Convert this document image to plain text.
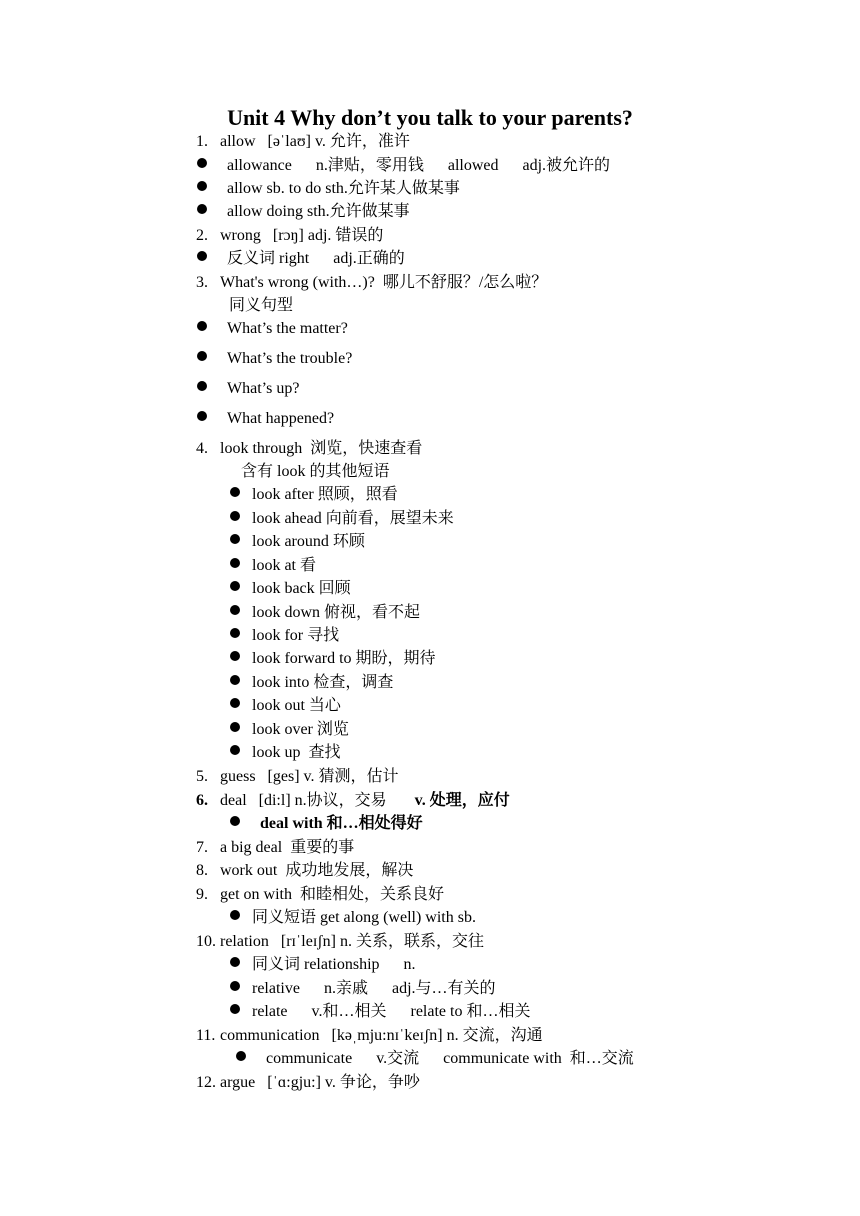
Unit 4 Why don’t you talk to your parents?
1. allow   [əˈlaʊ] v. 允许，准许
allowance      n.津贴，零用钱      allowed      adj.被允许的
allow sb. to do sth.允许某人做某事
allow doing sth.允许做某事
2. wrong   [rɔŋ] adj. 错误的
反义词 right      adj.正确的
3. What's wrong (with…)?  哪儿不舒服？/怎么啦？
同义句型
What’s the matter?
What’s the trouble?
What’s up?
What happened?
4. look through  浏览，快速查看
含有 look 的其他短语
look after 照顾，照看
look ahead 向前看，展望未来
look around 环顾
look at 看
look back 回顾
look down 俯视，看不起
look for 寻找
look forward to 期盼，期待
look into 检查，调查
look out 当心
look over 浏览
look up  查找
5. guess   [ges] v. 猜测，估计
6. deal   [di:l] n.协议，交易 v. 处理，应付
deal with 和…相处得好
7. a big deal  重要的事
8. work out  成功地发展，解决
9. get on with  和睦相处，关系良好
同义短语 get along (well) with sb.
10. relation   [rɪˈleɪʃn] n. 关系，联系，交往
同义词 relationship      n.
relative      n.亲戚      adj.与…有关的
relate      v.和…相关      relate to 和…相关
11. communication   [kəˌmju:nɪˈkeɪʃn] n. 交流，沟通
communicate      v.交流      communicate with  和…交流
12. argue   [ˈɑ:gju:] v. 争论，争吵
